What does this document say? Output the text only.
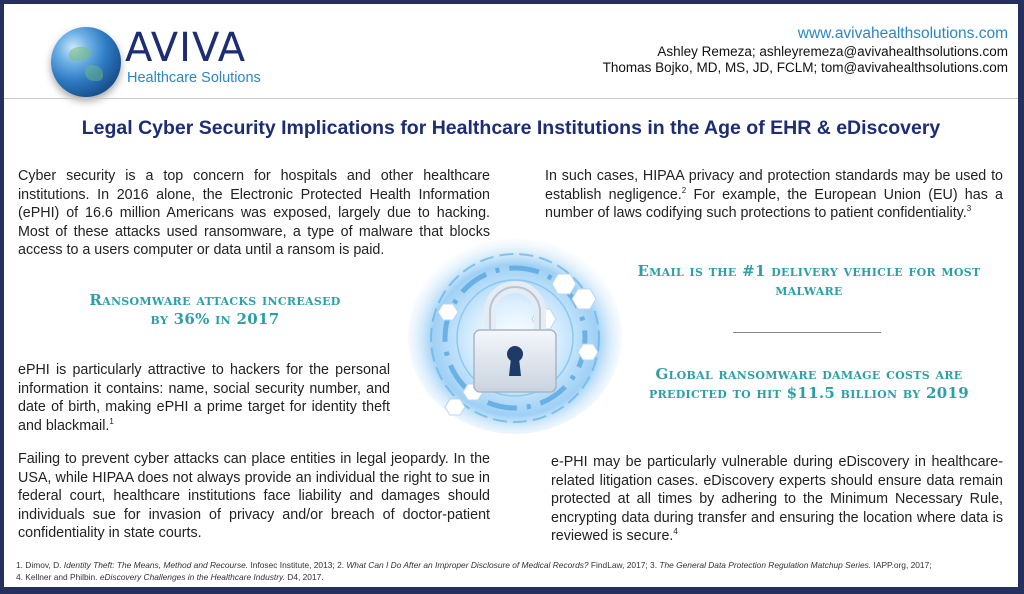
AVIVA
Healthcare Solutions
www.avivahealthsolutions.com
Ashley Remeza; ashleyremeza@avivahealthsolutions.com
Thomas Bojko, MD, MS, JD, FCLM; tom@avivahealthsolutions.com
Legal Cyber Security Implications for Healthcare Institutions in the Age of EHR & eDiscovery
Cyber security is a top concern for hospitals and other healthcare institutions. In 2016 alone, the Electronic Protected Health Information (ePHI) of 16.6 million Americans was exposed, largely due to hacking. Most of these attacks used ransomware, a type of malware that blocks access to a users computer or data until a ransom is paid.
Ransomware attacks increased
by 36% in 2017
ePHI is particularly attractive to hackers for the personal information it contains: name, social security number, and date of birth, making ePHI a prime target for identity theft and blackmail.$^1$
Failing to prevent cyber attacks can place entities in legal jeopardy. In the USA, while HIPAA does not always provide an individual the right to sue in federal court, healthcare institutions face liability and damages should individuals sue for invasion of privacy and/or breach of doctor-patient confidentiality in state courts.
In such cases, HIPAA privacy and protection standards may be used to establish negligence.$^2$ For example, the European Union (EU) has a number of laws codifying such protections to patient confidentiality.$^3$
Email is the #1 delivery vehicle for most
malware
Global ransomware damage costs are
predicted to hit $11.5 billion by 2019
e-PHI may be particularly vulnerable during eDiscovery in healthcare-related litigation cases. eDiscovery experts should ensure data remain protected at all times by adhering to the Minimum Necessary Rule, encrypting data during transfer and ensuring the location where data is reviewed is secure.$^4$
1. Dimov, D. Identity Theft: The Means, Method and Recourse. Infosec Institute, 2013; 2. What Can I Do After an Improper Disclosure of Medical Records? FindLaw, 2017; 3. The General Data Protection Regulation Matchup Series. IAPP.org, 2017;
4. Kellner and Philbin. eDiscovery Challenges in the Healthcare Industry. D4, 2017.
